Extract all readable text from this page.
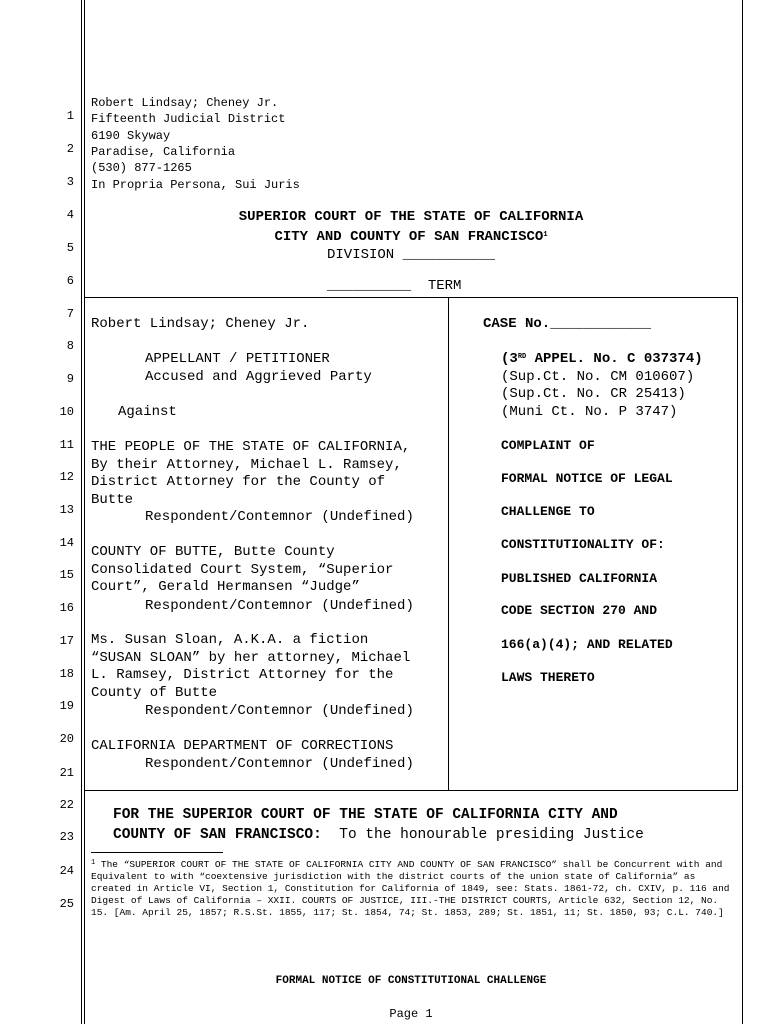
1
2
3
4
5
6
7
8
9
10
11
12
13
14
15
16
17
18
19
20
21
22
23
24
25
Robert Lindsay; Cheney Jr.
Fifteenth Judicial District
6190 Skyway
Paradise, California
(530) 877-1265
In Propria Persona, Sui Juris
SUPERIOR COURT OF THE STATE OF CALIFORNIA
CITY AND COUNTY OF SAN FRANCISCO$^1$
DIVISION ___________
__________  TERM
Robert Lindsay; Cheney Jr.
APPELLANT / PETITIONER
Accused and Aggrieved Party
Against
THE PEOPLE OF THE STATE OF CALIFORNIA,
By their Attorney, Michael L. Ramsey,
District Attorney for the County of
Butte
Respondent/Contemnor (Undefined)
COUNTY OF BUTTE, Butte County
Consolidated Court System, “Superior
Court”, Gerald Hermansen “Judge”
Respondent/Contemnor (Undefined)
Ms. Susan Sloan, A.K.A. a fiction
“SUSAN SLOAN” by her attorney, Michael
L. Ramsey, District Attorney for the
County of Butte
Respondent/Contemnor (Undefined)
CALIFORNIA DEPARTMENT OF CORRECTIONS
Respondent/Contemnor (Undefined)
CASE No.____________
(3RD APPEL. No. C 037374)
(Sup.Ct. No. CM 010607)
(Sup.Ct. No. CR 25413)
(Muni Ct. No. P 3747)
COMPLAINT OF
FORMAL NOTICE OF LEGAL
CHALLENGE TO
CONSTITUTIONALITY OF:
PUBLISHED CALIFORNIA
CODE SECTION 270 AND
166(a)(4); AND RELATED
LAWS THERETO
FOR THE SUPERIOR COURT OF THE STATE OF CALIFORNIA CITY AND
COUNTY OF SAN FRANCISCO:  To the honourable presiding Justice
$^1$ The “SUPERIOR COURT OF THE STATE OF CALIFORNIA CITY AND COUNTY OF SAN FRANCISCO” shall be Concurrent with and Equivalent to with “coextensive jurisdiction with the district courts of the union state of California” as created in Article VI, Section 1, Constitution for California of 1849, see: Stats. 1861-72, ch. CXIV, p. 116 and Digest of Laws of California – XXII. COURTS OF JUSTICE, III.-THE DISTRICT COURTS, Article 632, Section 12, No. 15. [Am. April 25, 1857; R.S.St. 1855, 117; St. 1854, 74; St. 1853, 289; St. 1851, 11; St. 1850, 93; C.L. 740.]
FORMAL NOTICE OF CONSTITUTIONAL CHALLENGE
Page 1
